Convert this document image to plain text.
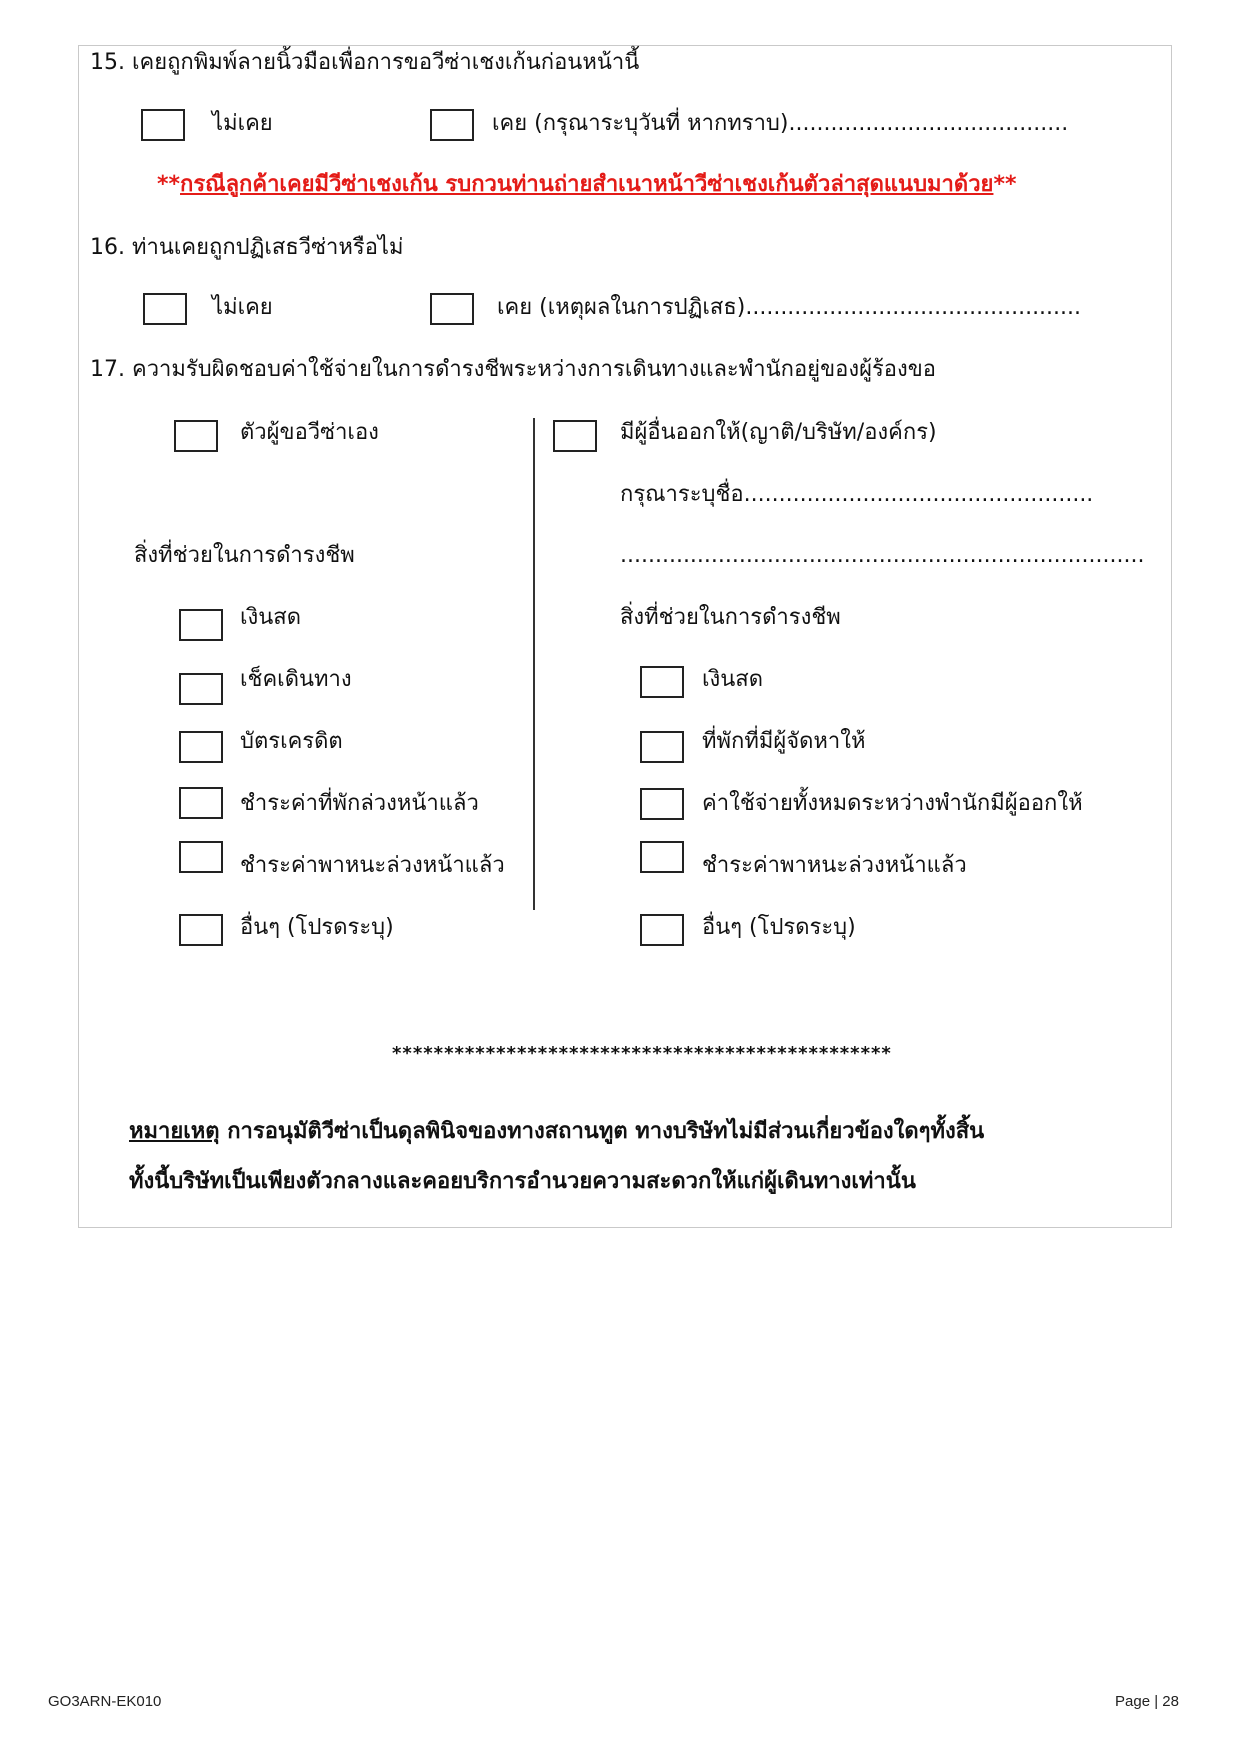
15. เคยถูกพิมพ์ลายนิ้วมือเพื่อการขอวีซ่าเชงเก้นก่อนหน้านี้
ไม่เคย	เคย (กรุณาระบุวันที่ หากทราบ)........................................
**กรณีลูกค้าเคยมีวีซ่าเชงเก้น รบกวนท่านถ่ายสำเนาหน้าวีซ่าเชงเก้นตัวล่าสุดแนบมาด้วย**
16. ท่านเคยถูกปฏิเสธวีซ่าหรือไม่
ไม่เคย	เคย (เหตุผลในการปฏิเสธ)................................................
17. ความรับผิดชอบค่าใช้จ่ายในการดำรงชีพระหว่างการเดินทางและพำนักอยู่ของผู้ร้องขอ
ตัวผู้ขอวีซ่าเอง	มีผู้อื่นออกให้(ญาติ/บริษัท/องค์กร)
กรุณาระบุชื่อ..................................................
...........................................................................
สิ่งที่ช่วยในการดำรงชีพ
สิ่งที่ช่วยในการดำรงชีพ
เงินสด
เช็คเดินทาง
บัตรเครดิต
ชำระค่าที่พักล่วงหน้าแล้ว
ชำระค่าพาหนะล่วงหน้าแล้ว
อื่นๆ (โปรดระบุ)
เงินสด
ที่พักที่มีผู้จัดหาให้
ค่าใช้จ่ายทั้งหมดระหว่างพำนักมีผู้ออกให้
ชำระค่าพาหนะล่วงหน้าแล้ว
อื่นๆ (โปรดระบุ)
************************************************
หมายเหตุ การอนุมัติวีซ่าเป็นดุลพินิจของทางสถานทูต ทางบริษัทไม่มีส่วนเกี่ยวข้องใดๆทั้งสิ้น
ทั้งนี้บริษัทเป็นเพียงตัวกลางและคอยบริการอำนวยความสะดวกให้แก่ผู้เดินทางเท่านั้น
GO3ARN-EK010	Page | 28
